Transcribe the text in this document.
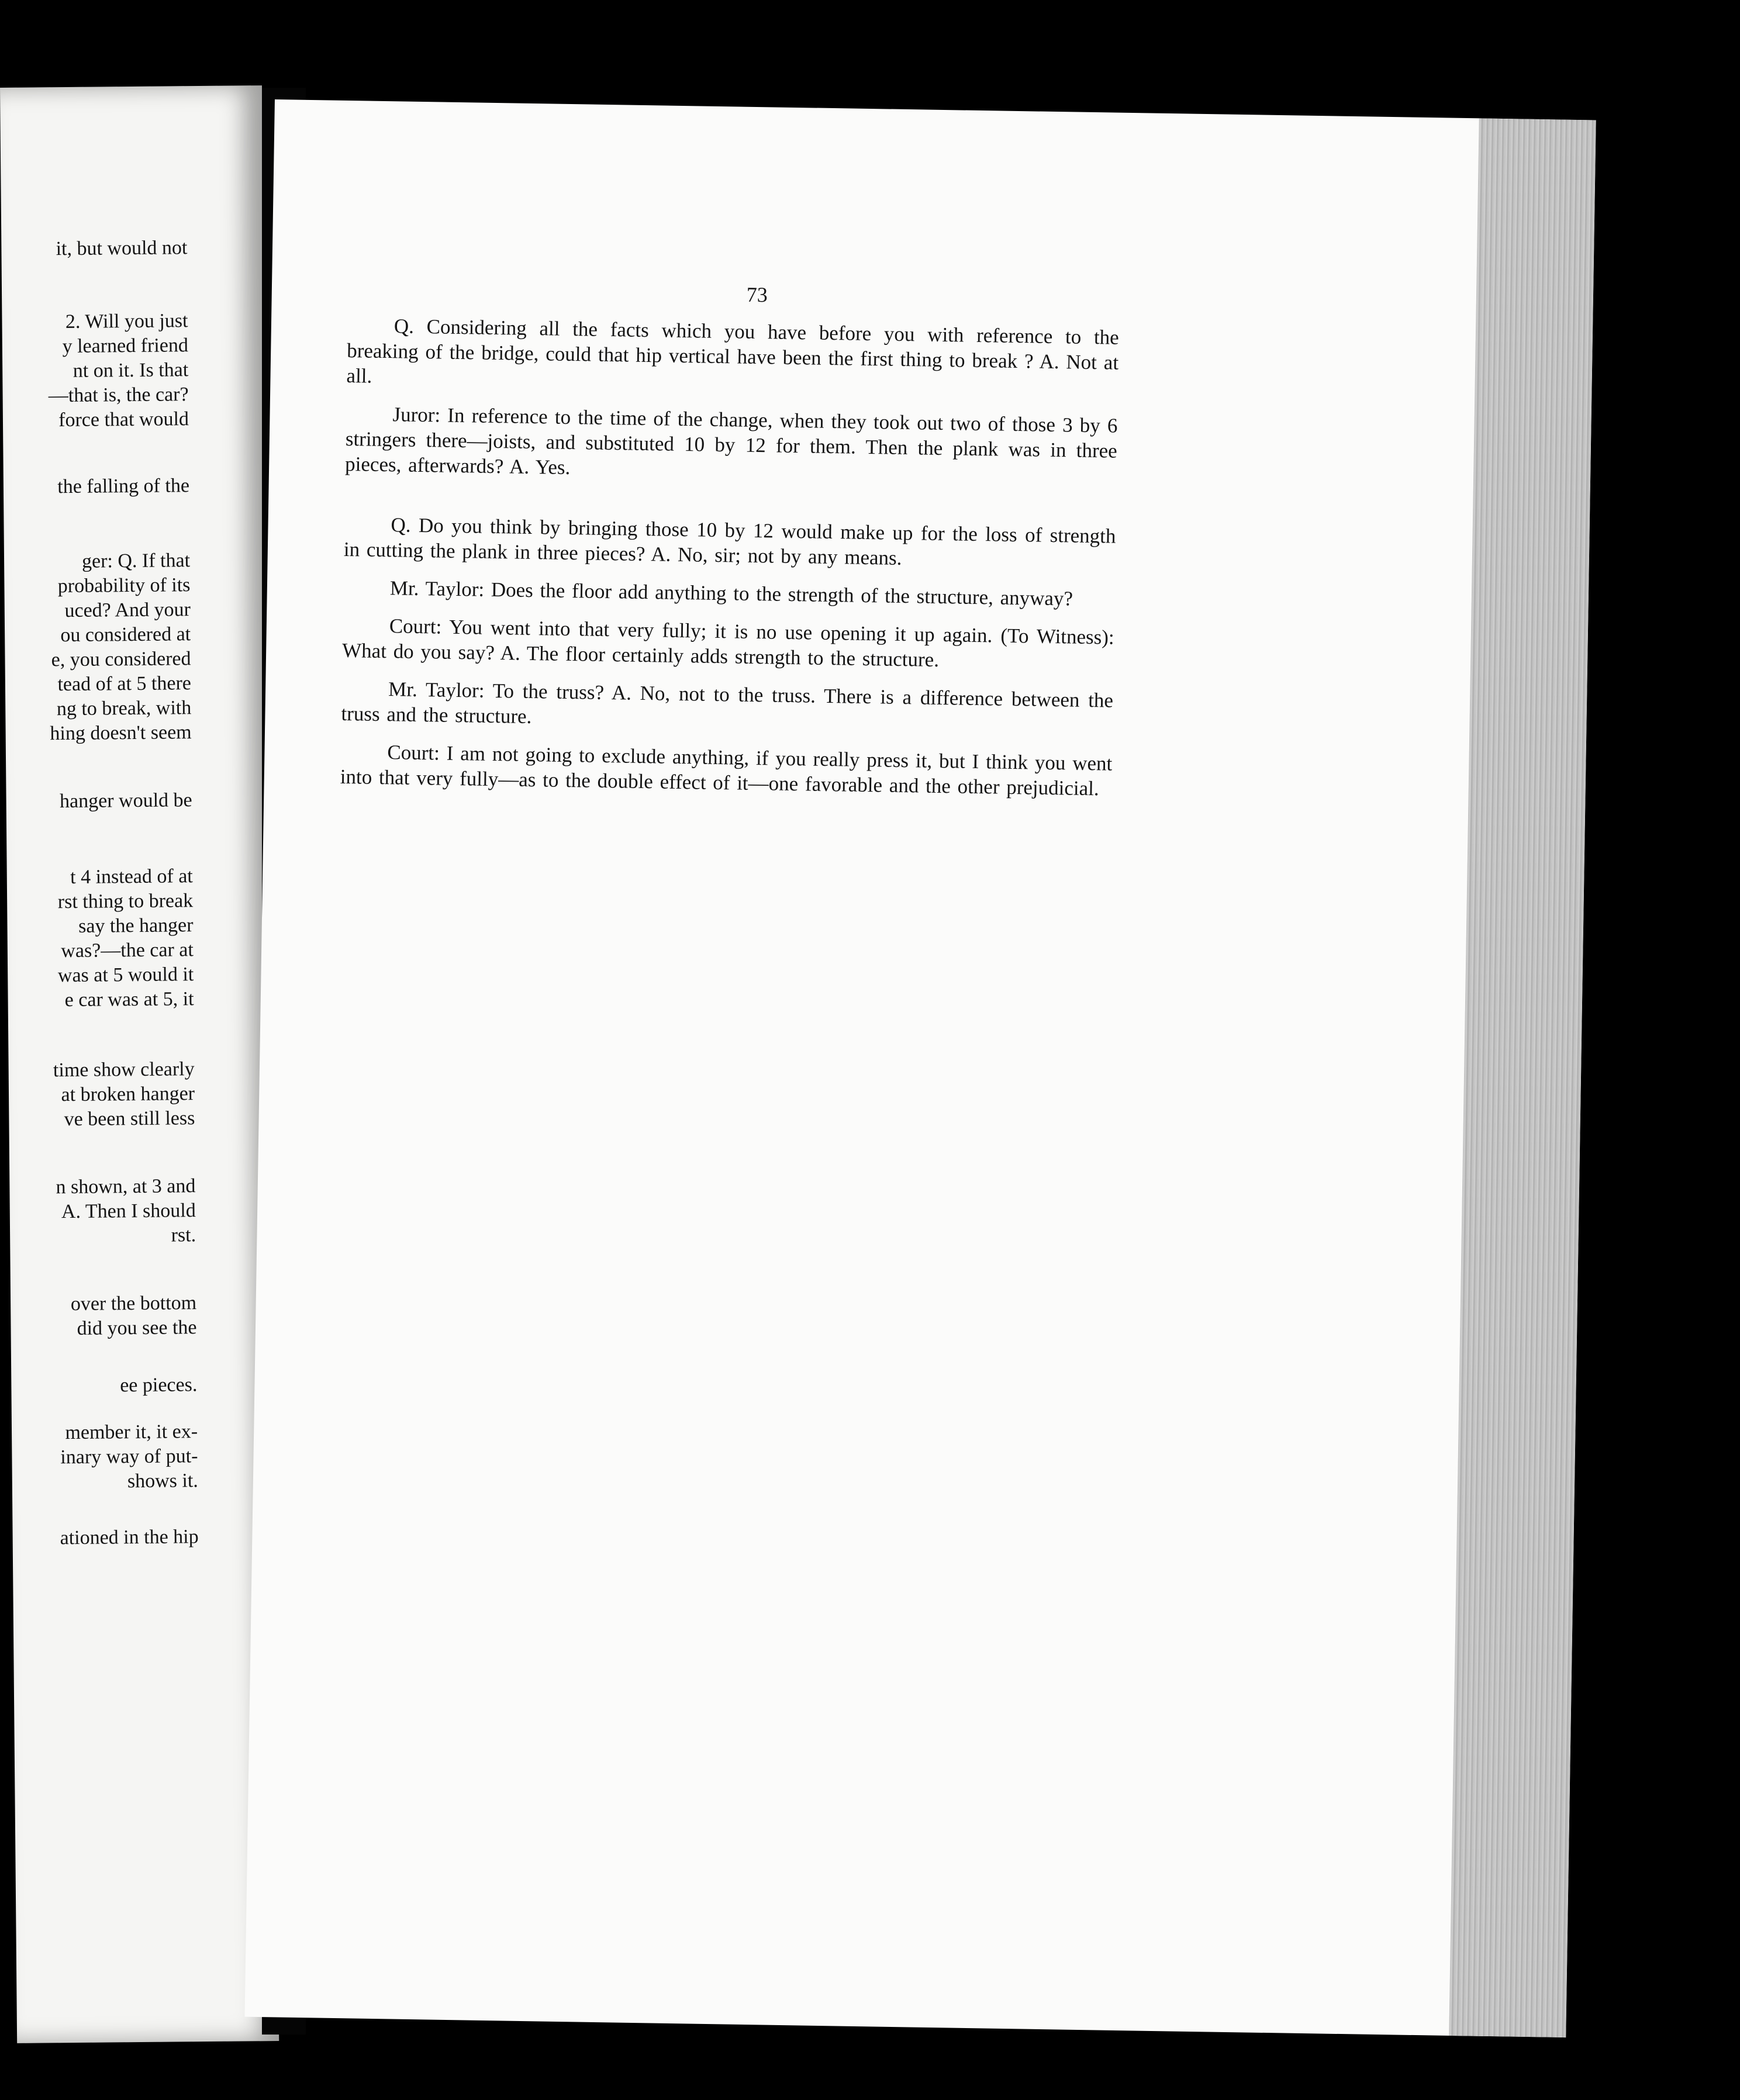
it, but would not
2. Will you just
y learned friend
nt on it. Is that
—that is, the car?
force that would
the falling of the
ger: Q. If that
probability of its
uced? And your
ou considered at
e, you considered
tead of at 5 there
ng to break, with
hing doesn't seem
hanger would be
t 4 instead of at
rst thing to break
say the hanger
was?—the car at
was at 5 would it
e car was at 5, it
time show clearly
at broken hanger
ve been still less
n shown, at 3 and
A. Then I should
rst.
over the bottom
did you see the
ee pieces.
member it, it ex-
inary way of put-
shows it.
ationed in the hip
73

Q. Considering all the facts which you have before you with reference to the breaking of the bridge, could that hip vertical have been the first thing to break ? A. Not at all.

Juror: In reference to the time of the change, when they took out two of those 3 by 6 stringers there—joists, and substituted 10 by 12 for them. Then the plank was in three pieces, afterwards? A. Yes.

Q. Do you think by bringing those 10 by 12 would make up for the loss of strength in cutting the plank in three pieces? A. No, sir; not by any means.

Mr. Taylor: Does the floor add anything to the strength of the structure, anyway?

Court: You went into that very fully; it is no use opening it up again. (To Witness): What do you say? A. The floor certainly adds strength to the structure.

Mr. Taylor: To the truss? A. No, not to the truss. There is a difference between the truss and the structure.

Court: I am not going to exclude anything, if you really press it, but I think you went into that very fully—as to the double effect of it—one favorable and the other prejudicial.
